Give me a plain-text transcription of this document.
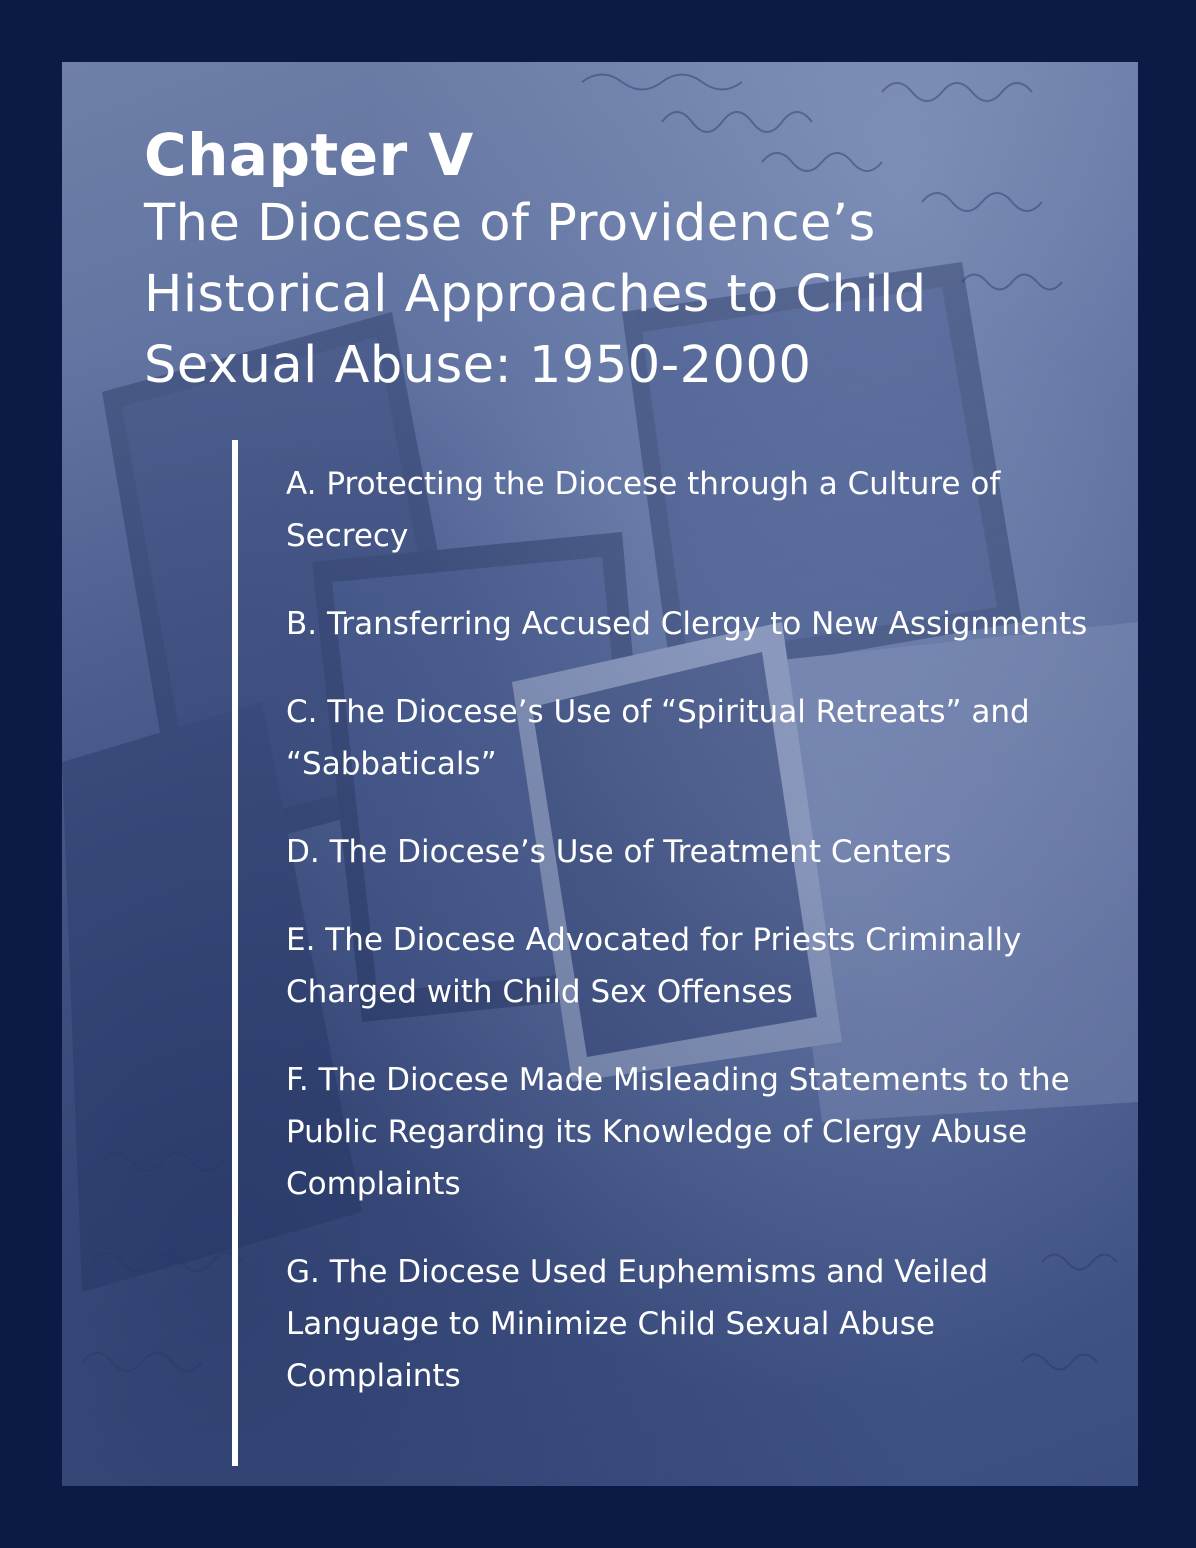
Chapter V
The Diocese of Providence’s Historical Approaches to Child Sexual Abuse: 1950-2000
A. Protecting the Diocese through a Culture of Secrecy
B. Transferring Accused Clergy to New Assignments
C. The Diocese’s Use of “Spiritual Retreats” and “Sabbaticals”
D. The Diocese’s Use of Treatment Centers
E. The Diocese Advocated for Priests Criminally Charged with Child Sex Offenses
F. The Diocese Made Misleading Statements to the Public Regarding its Knowledge of Clergy Abuse Complaints
G. The Diocese Used Euphemisms and Veiled Language to Minimize Child Sexual Abuse Complaints
